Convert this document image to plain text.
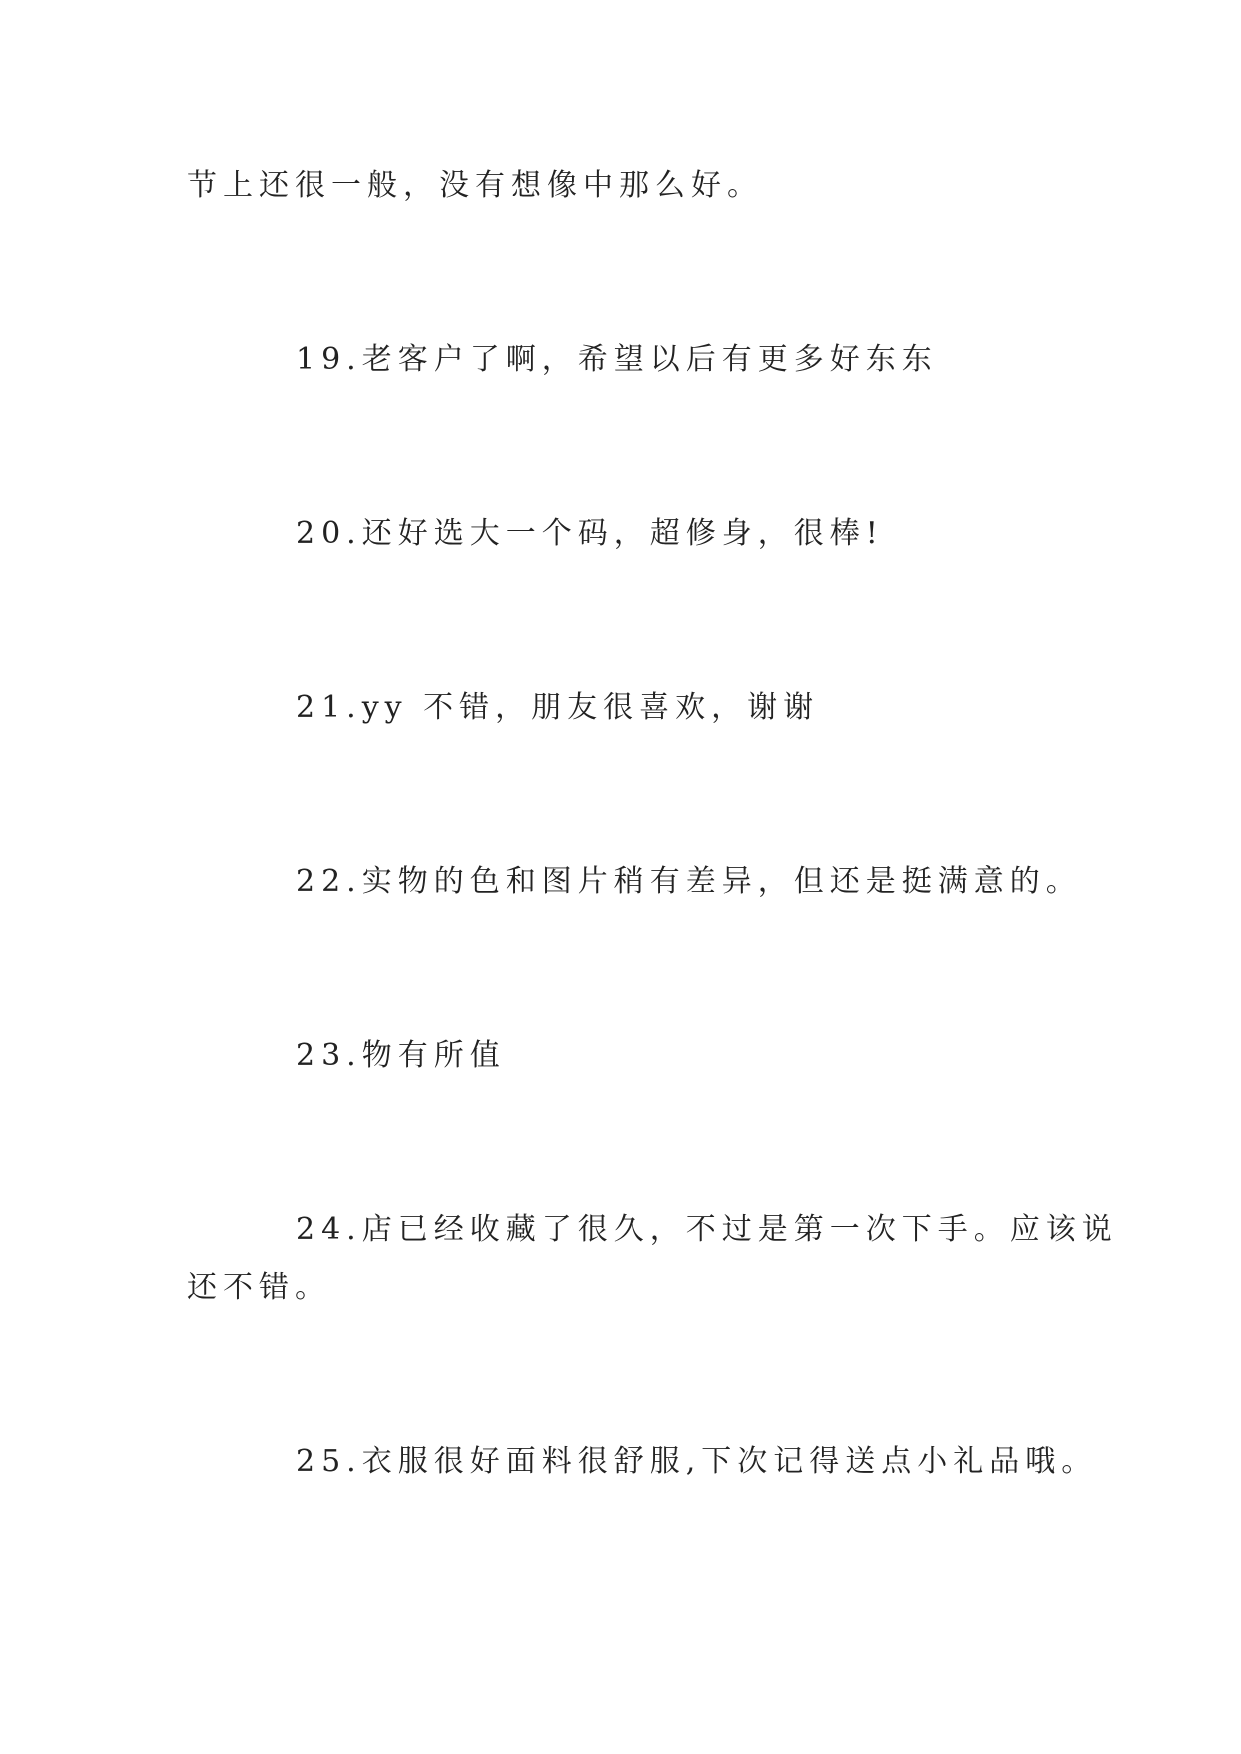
节上还很一般，没有想像中那么好。
19.老客户了啊，希望以后有更多好东东
20.还好选大一个码，超修身，很棒!
21.yy 不错，朋友很喜欢，谢谢
22.实物的色和图片稍有差异，但还是挺满意的。
23.物有所值
24.店已经收藏了很久，不过是第一次下手。应该说
还不错。
25.衣服很好面料很舒服,下次记得送点小礼品哦。
